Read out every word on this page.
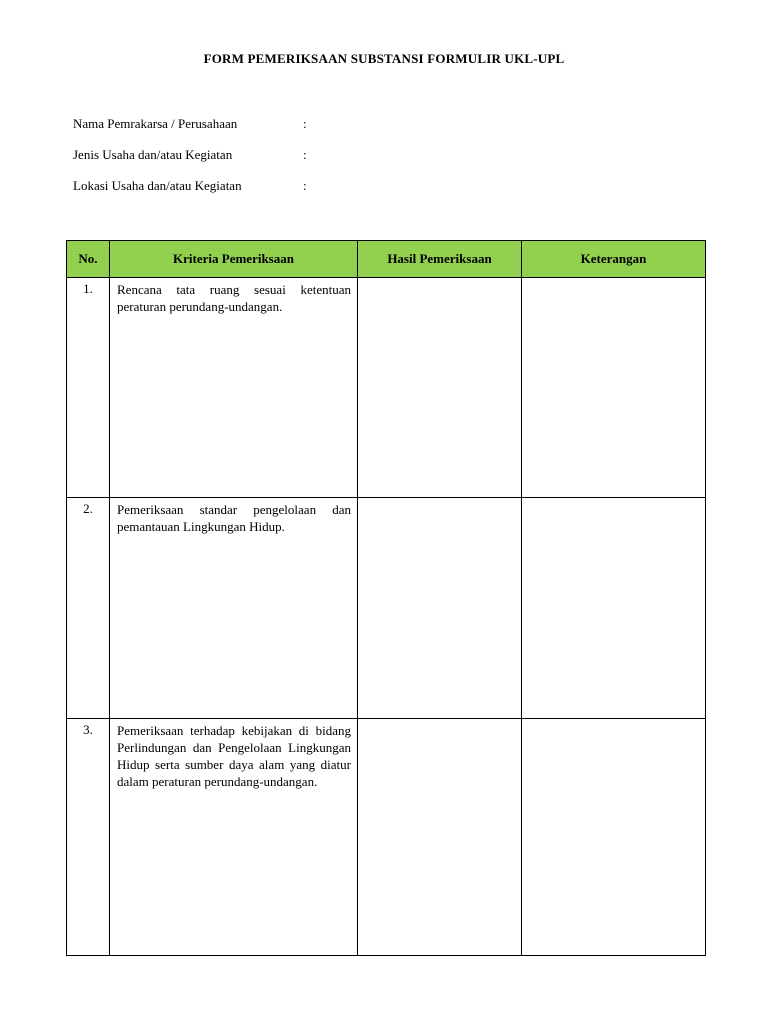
FORM PEMERIKSAAN SUBSTANSI FORMULIR UKL-UPL
Nama Pemrakarsa / Perusahaan	:
Jenis Usaha dan/atau Kegiatan	:
Lokasi Usaha dan/atau Kegiatan	:
No.	Kriteria Pemeriksaan	Hasil Pemeriksaan	Keterangan
1.	Rencana tata ruang sesuai ketentuan peraturan perundang-undangan.		
2.	Pemeriksaan standar pengelolaan dan pemantauan Lingkungan Hidup.		
3.	Pemeriksaan terhadap kebijakan di bidang Perlindungan dan Pengelolaan Lingkungan Hidup serta sumber daya alam yang diatur dalam peraturan perundang-undangan.		
